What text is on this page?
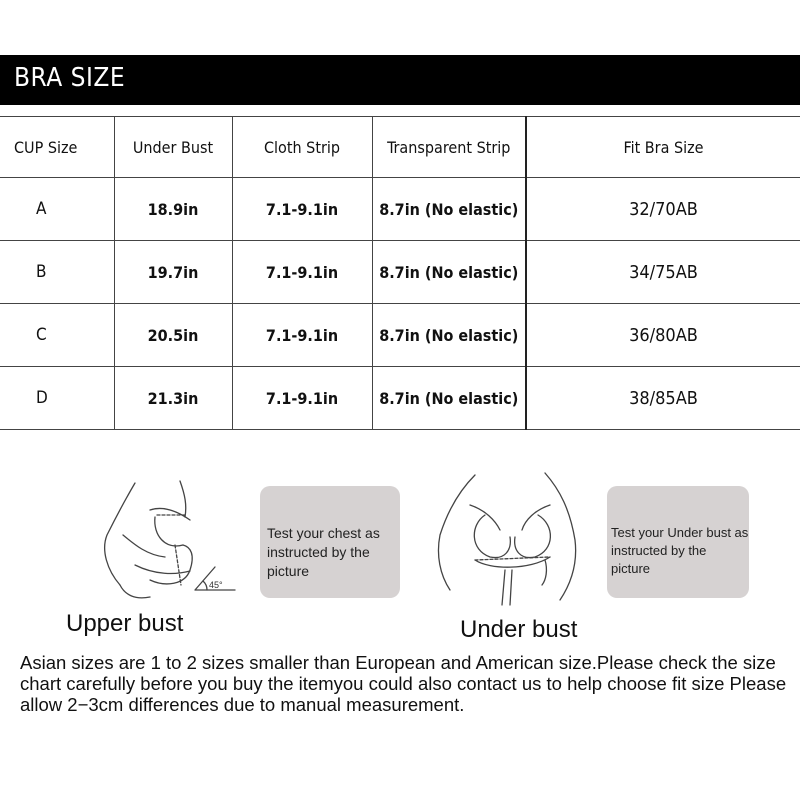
BRA SIZE
CUP Size	Under Bust	Cloth Strip	Transparent Strip	Fit Bra Size
A	18.9in	7.1-9.1in	8.7in (No elastic)	32/70AB
B	19.7in	7.1-9.1in	8.7in (No elastic)	34/75AB
C	20.5in	7.1-9.1in	8.7in (No elastic)	36/80AB
D	21.3in	7.1-9.1in	8.7in (No elastic)	38/85AB
45°
Test your chest as instructed by the picture
Test your Under bust as instructed by the picture
Upper bust	Under bust
Asian sizes are 1 to 2 sizes smaller than European and American size.Please check the size chart carefully before you buy the itemyou could also contact us to help choose fit size Please allow 2−3cm differences due to manual measurement.
